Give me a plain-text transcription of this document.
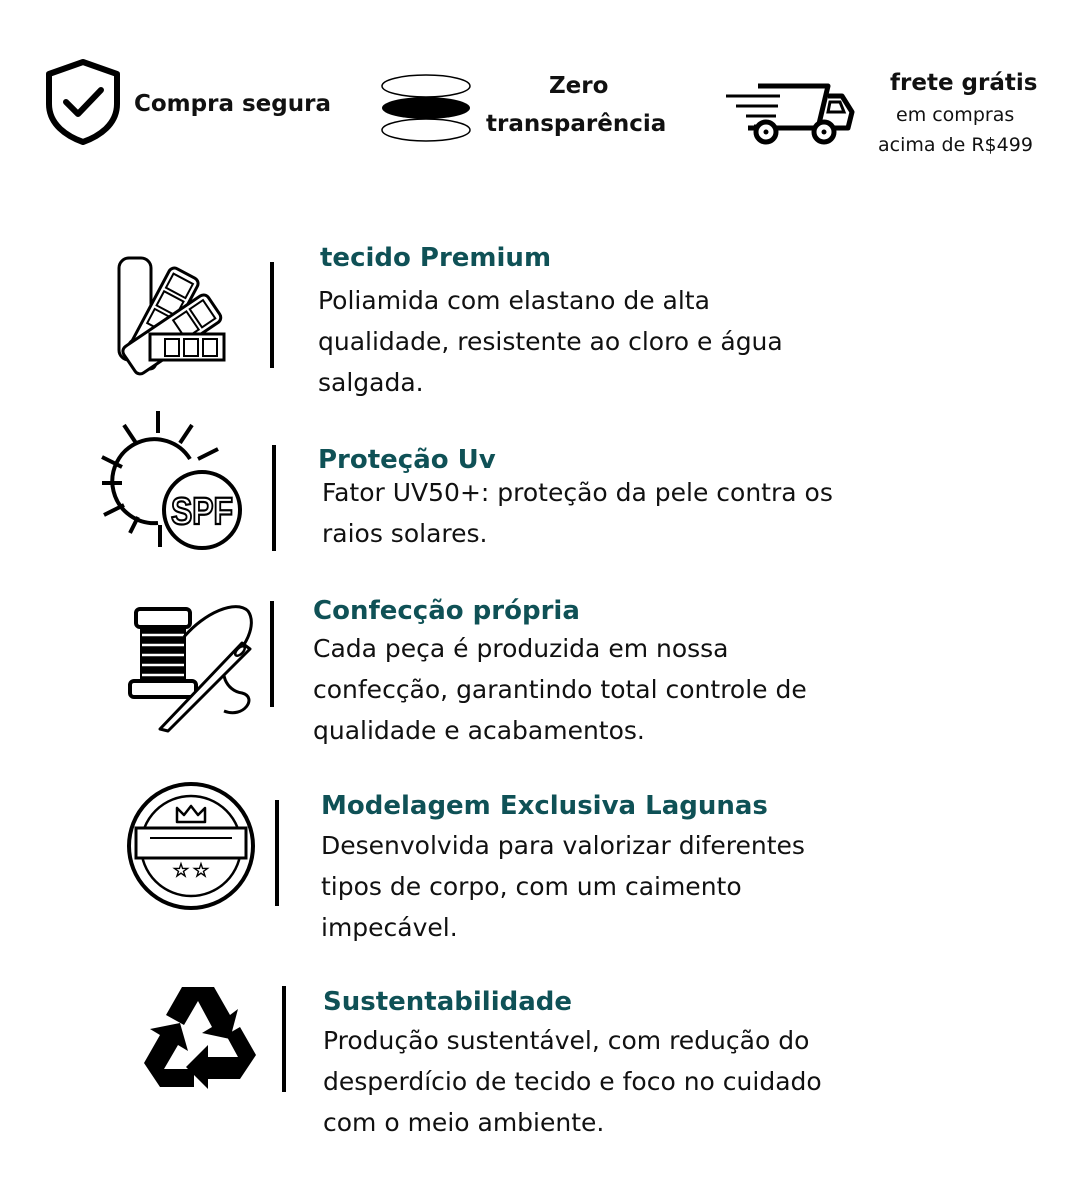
Compra segura
Zero
transparência
frete grátis
em compras
acima de R$499
tecido Premium
Poliamida com elastano de alta
qualidade, resistente ao cloro e água
salgada.
SPF
Proteção Uv
Fator UV50+: proteção da pele contra os
raios solares.
Confecção própria
Cada peça é produzida em nossa
confecção, garantindo total controle de
qualidade e acabamentos.
★ ★
Modelagem Exclusiva Lagunas
Desenvolvida para valorizar diferentes
tipos de corpo, com um caimento
impecável.
Sustentabilidade
Produção sustentável, com redução do
desperdício de tecido e foco no cuidado
com o meio ambiente.
